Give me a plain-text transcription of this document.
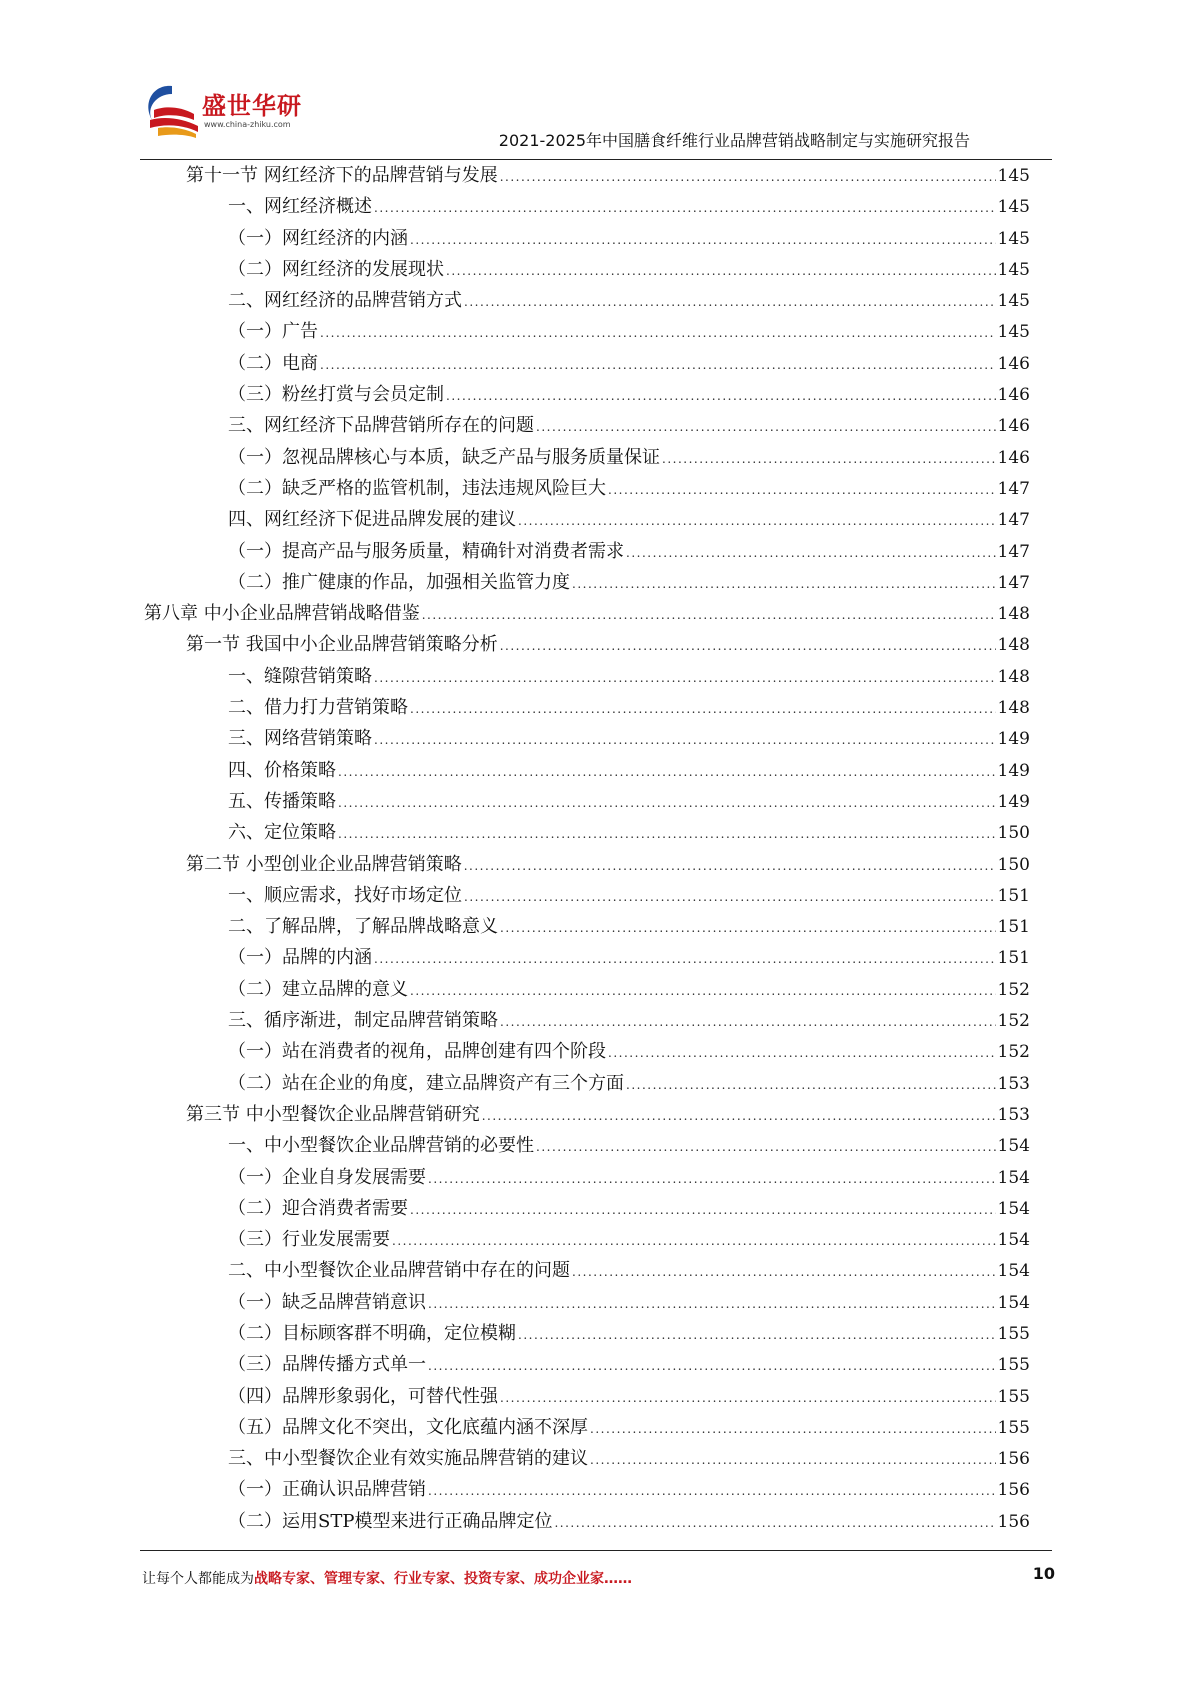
盛世华研
www.china-zhiku.com
2021-2025年中国膳食纤维行业品牌营销战略制定与实施研究报告
第十一节 网红经济下的品牌营销与发展 .....	145
一、网红经济概述 .....	145
（一）网红经济的内涵 .....	145
（二）网红经济的发展现状 .....	145
二、网红经济的品牌营销方式 .....	145
（一）广告 .....	145
（二）电商 .....	146
（三）粉丝打赏与会员定制 .....	146
三、网红经济下品牌营销所存在的问题 .....	146
（一）忽视品牌核心与本质，缺乏产品与服务质量保证 .....	146
（二）缺乏严格的监管机制，违法违规风险巨大 .....	147
四、网红经济下促进品牌发展的建议 .....	147
（一）提高产品与服务质量，精确针对消费者需求 .....	147
（二）推广健康的作品，加强相关监管力度 .....	147
第八章 中小企业品牌营销战略借鉴 .....	148
第一节 我国中小企业品牌营销策略分析 .....	148
一、缝隙营销策略 .....	148
二、借力打力营销策略 .....	148
三、网络营销策略 .....	149
四、价格策略 .....	149
五、传播策略 .....	149
六、定位策略 .....	150
第二节 小型创业企业品牌营销策略 .....	150
一、顺应需求，找好市场定位 .....	151
二、了解品牌，了解品牌战略意义 .....	151
（一）品牌的内涵 .....	151
（二）建立品牌的意义 .....	152
三、循序渐进，制定品牌营销策略 .....	152
（一）站在消费者的视角，品牌创建有四个阶段 .....	152
（二）站在企业的角度，建立品牌资产有三个方面 .....	153
第三节 中小型餐饮企业品牌营销研究 .....	153
一、中小型餐饮企业品牌营销的必要性 .....	154
（一）企业自身发展需要 .....	154
（二）迎合消费者需要 .....	154
（三）行业发展需要 .....	154
二、中小型餐饮企业品牌营销中存在的问题 .....	154
（一）缺乏品牌营销意识 .....	154
（二）目标顾客群不明确，定位模糊 .....	155
（三）品牌传播方式单一 .....	155
（四）品牌形象弱化，可替代性强 .....	155
（五）品牌文化不突出，文化底蕴内涵不深厚 .....	155
三、中小型餐饮企业有效实施品牌营销的建议 .....	156
（一）正确认识品牌营销 .....	156
（二）运用STP模型来进行正确品牌定位 .....	156
让每个人都能成为战略专家、管理专家、行业专家、投资专家、成功企业家……	10
